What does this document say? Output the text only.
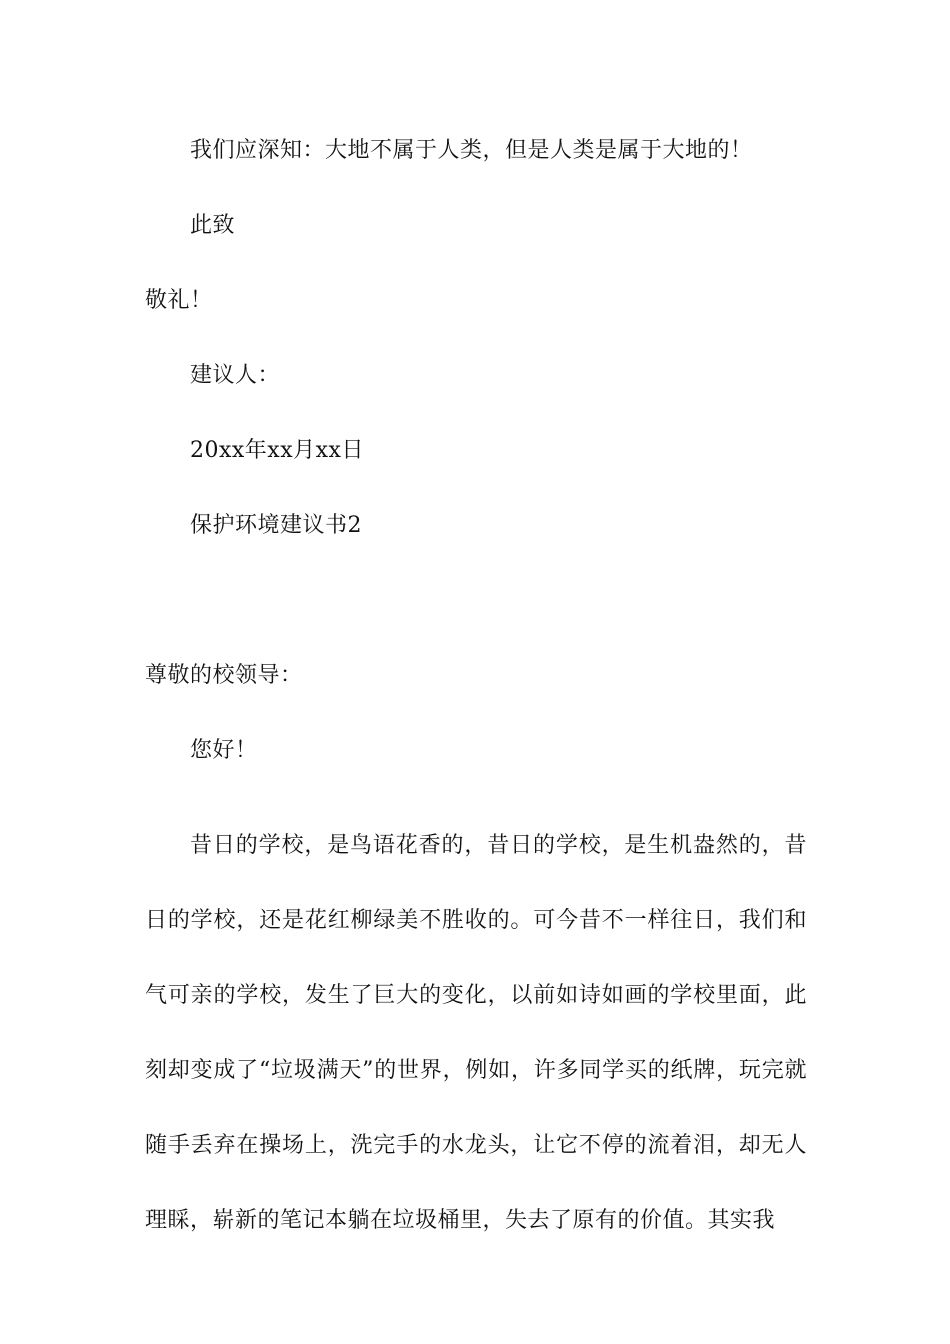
我们应深知：大地不属于人类，但是人类是属于大地的！
此致
敬礼！
建议人：
20xx年xx月xx日
保护环境建议书2
尊敬的校领导：
您好！
昔日的学校，是鸟语花香的，昔日的学校，是生机盎然的，昔日的学校，还是花红柳绿美不胜收的。可今昔不一样往日，我们和气可亲的学校，发生了巨大的变化，以前如诗如画的学校里面，此刻却变成了“垃圾满天”的世界，例如，许多同学买的纸牌，玩完就随手丢弃在操场上，洗完手的水龙头，让它不停的流着泪，却无人理睬，崭新的笔记本躺在垃圾桶里，失去了原有的价值。其实我
